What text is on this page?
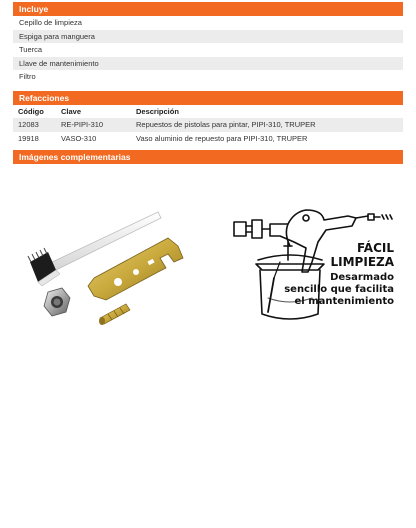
Incluye
Cepillo de limpieza
Espiga para manguera
Tuerca
Llave de mantenimiento
Filtro
Refacciones
Código	Clave	Descripción
12083	RE-PIPI-310	Repuestos de pistolas para pintar, PIPI-310, TRUPER
19918	VASO-310	Vaso aluminio de repuesto para PIPI-310, TRUPER
Imágenes complementarias
FÁCIL
LIMPIEZA
Desarmado
sencillo que facilita
el mantenimiento
